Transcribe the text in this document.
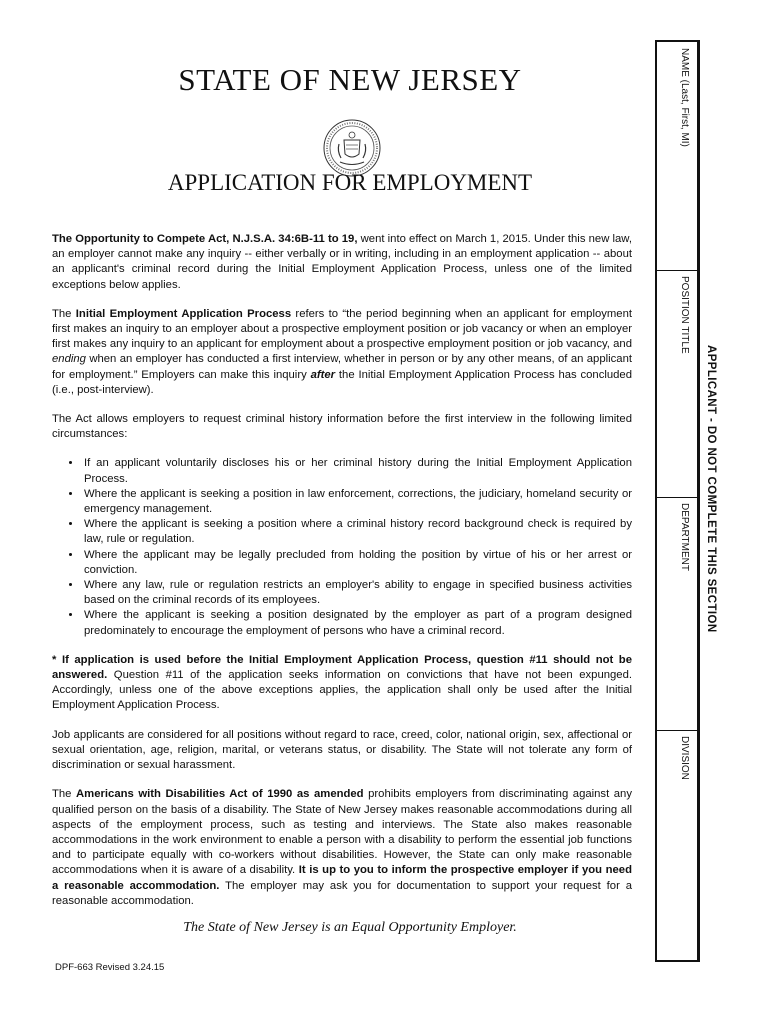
STATE OF NEW JERSEY
APPLICATION FOR EMPLOYMENT

The Opportunity to Compete Act, N.J.S.A. 34:6B-11 to 19, went into effect on March 1, 2015. Under this new law, an employer cannot make any inquiry -- either verbally or in writing, including in an employment application -- about an applicant's criminal record during the Initial Employment Application Process, unless one of the limited exceptions below applies.

The Initial Employment Application Process refers to “the period beginning when an applicant for employment first makes an inquiry to an employer about a prospective employment position or job vacancy or when an employer first makes any inquiry to an applicant for employment about a prospective employment position or job vacancy, and ending when an employer has conducted a first interview, whether in person or by any other means, of an applicant for employment.” Employers can make this inquiry after the Initial Employment Application Process has concluded (i.e., post-interview).

The Act allows employers to request criminal history information before the first interview in the following limited circumstances:

• If an applicant voluntarily discloses his or her criminal history during the Initial Employment Application Process.
• Where the applicant is seeking a position in law enforcement, corrections, the judiciary, homeland security or emergency management.
• Where the applicant is seeking a position where a criminal history record background check is required by law, rule or regulation.
• Where the applicant may be legally precluded from holding the position by virtue of his or her arrest or conviction.
• Where any law, rule or regulation restricts an employer's ability to engage in specified business activities based on the criminal records of its employees.
• Where the applicant is seeking a position designated by the employer as part of a program designed predominately to encourage the employment of persons who have a criminal record.

* If application is used before the Initial Employment Application Process, question #11 should not be answered. Question #11 of the application seeks information on convictions that have not been expunged. Accordingly, unless one of the above exceptions applies, the application shall only be used after the Initial Employment Application Process.

Job applicants are considered for all positions without regard to race, creed, color, national origin, sex, affectional or sexual orientation, age, religion, marital, or veterans status, or disability. The State will not tolerate any form of discrimination or sexual harassment.

The Americans with Disabilities Act of 1990 as amended prohibits employers from discriminating against any qualified person on the basis of a disability. The State of New Jersey makes reasonable accommodations during all aspects of the employment process, such as testing and interviews. The State also makes reasonable accommodations in the work environment to enable a person with a disability to perform the essential job functions and to participate equally with co-workers without disabilities. However, the State can only make reasonable accommodations when it is aware of a disability. It is up to you to inform the prospective employer if you need a reasonable accommodation. The employer may ask you for documentation to support your request for a reasonable accommodation.

The State of New Jersey is an Equal Opportunity Employer.
DPF-663 Revised 3.24.15
NAME (Last, First, MI)
POSITION TITLE
DEPARTMENT
DIVISION
APPLICANT - DO NOT COMPLETE THIS SECTION
